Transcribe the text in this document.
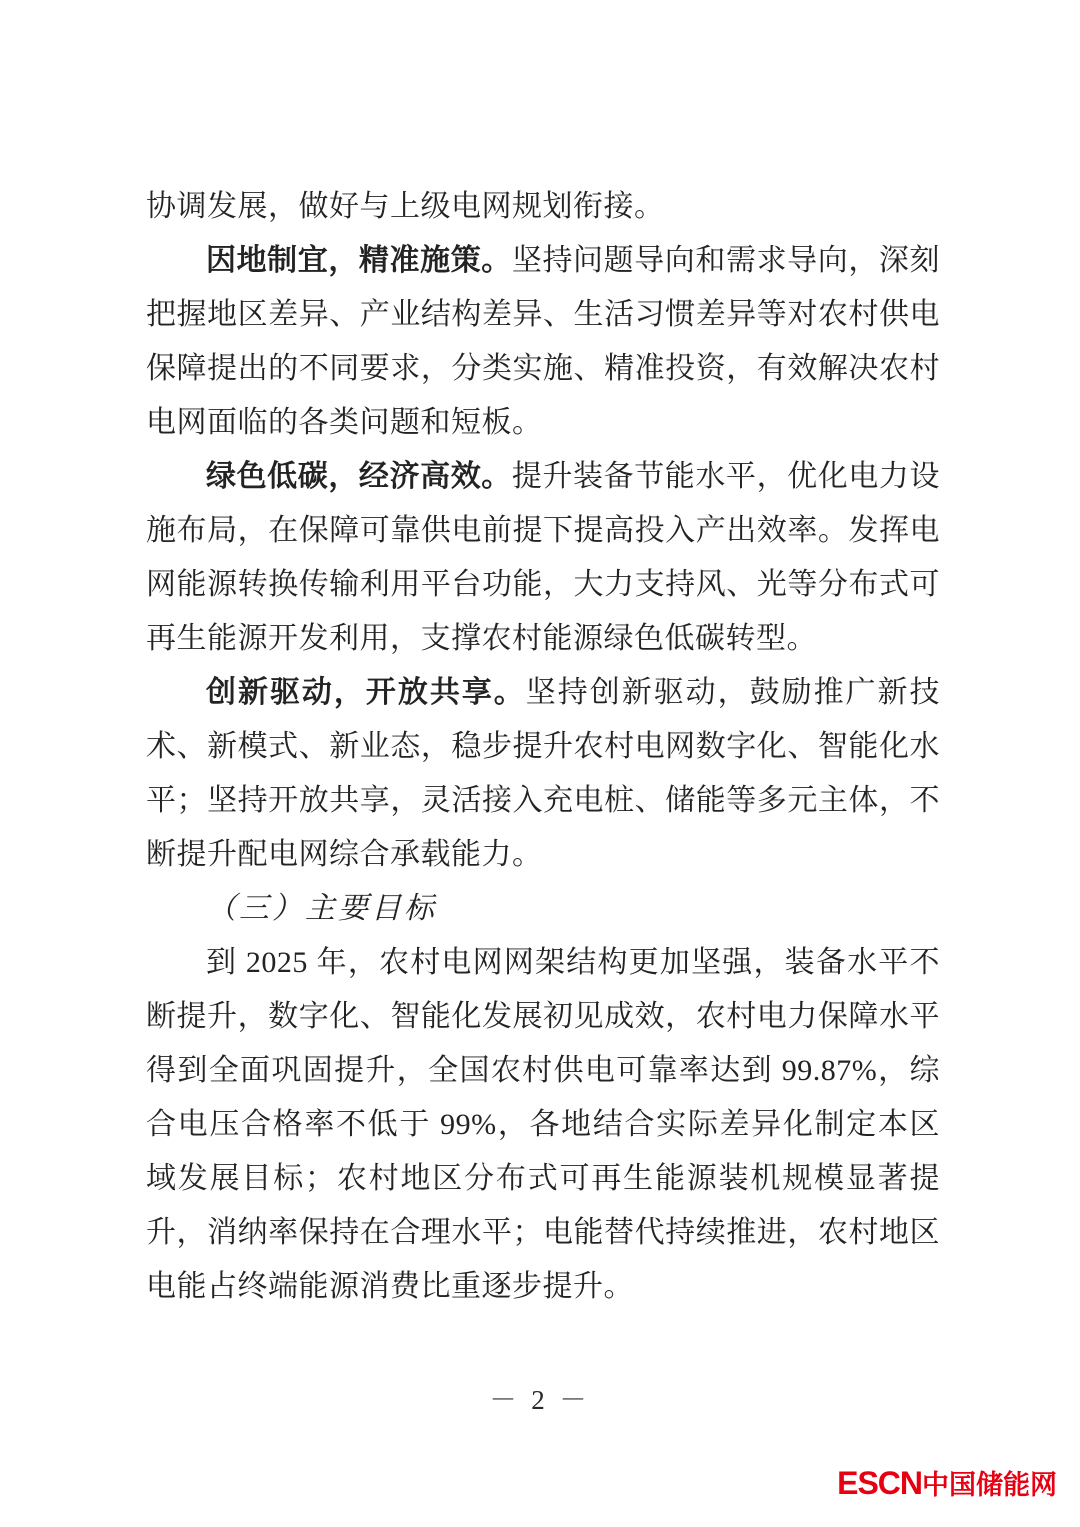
协调发展，做好与上级电网规划衔接。

因地制宜，精准施策。坚持问题导向和需求导向，深刻把握地区差异、产业结构差异、生活习惯差异等对农村供电保障提出的不同要求，分类实施、精准投资，有效解决农村电网面临的各类问题和短板。

绿色低碳，经济高效。提升装备节能水平，优化电力设施布局，在保障可靠供电前提下提高投入产出效率。发挥电网能源转换传输利用平台功能，大力支持风、光等分布式可再生能源开发利用，支撑农村能源绿色低碳转型。

创新驱动，开放共享。坚持创新驱动，鼓励推广新技术、新模式、新业态，稳步提升农村电网数字化、智能化水平；坚持开放共享，灵活接入充电桩、储能等多元主体，不断提升配电网综合承载能力。

（三）主要目标

到 2025 年，农村电网网架结构更加坚强，装备水平不断提升，数字化、智能化发展初见成效，农村电力保障水平得到全面巩固提升，全国农村供电可靠率达到 99.87%，综合电压合格率不低于 99%，各地结合实际差异化制定本区域发展目标；农村地区分布式可再生能源装机规模显著提升，消纳率保持在合理水平；电能替代持续推进，农村地区电能占终端能源消费比重逐步提升。

－ 2 －
ESCN中国储能网
